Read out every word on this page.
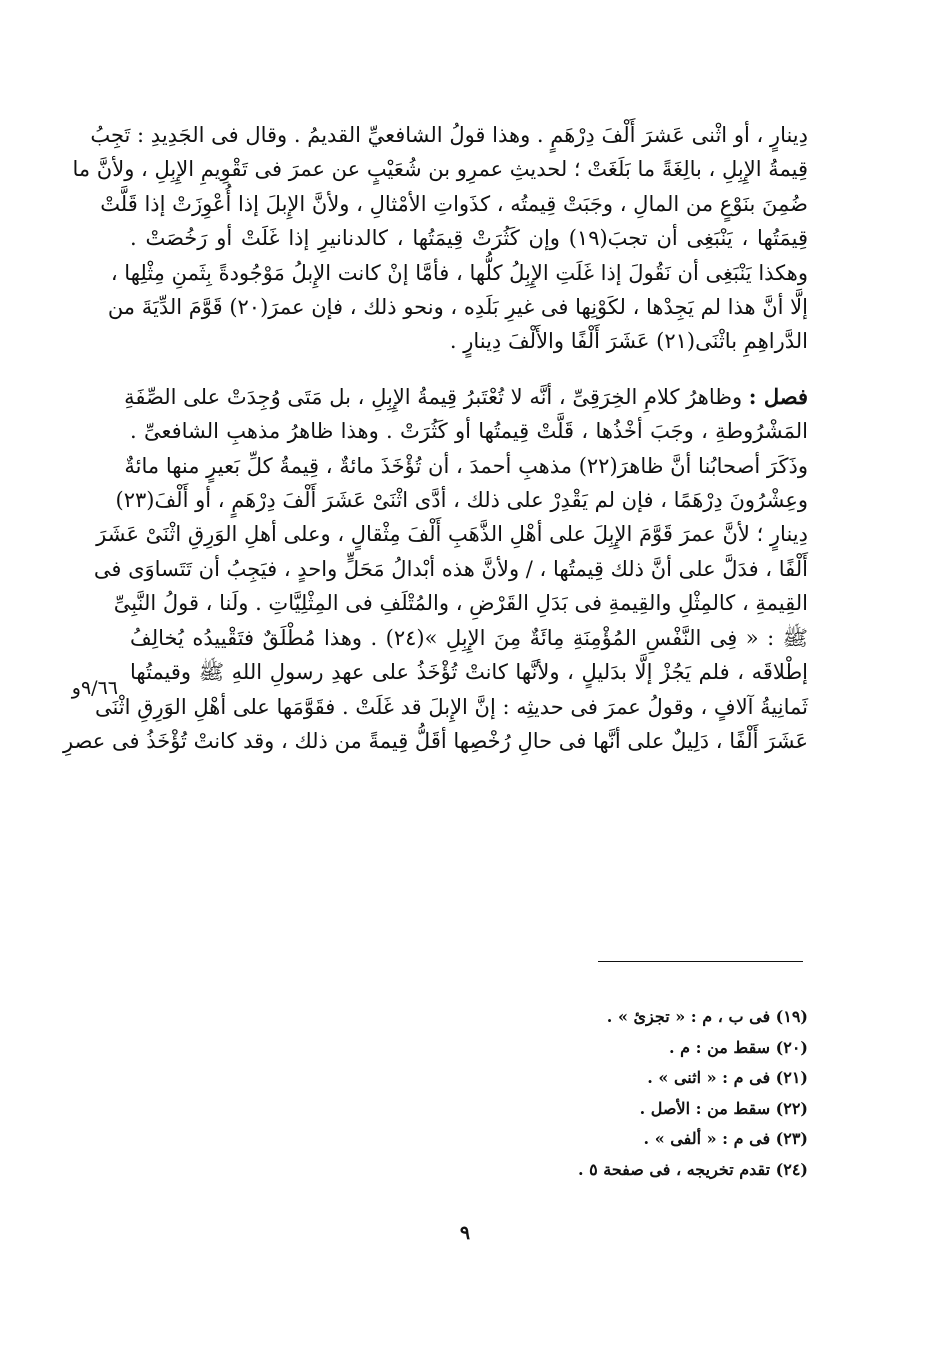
دِينارٍ ، أو اثْنى عَشرَ أَلْفَ دِرْهَمٍ . وهذا قولُ الشافعيِّ القديمُ . وقال فى الجَدِيدِ : تَجِبُ
قِيمةُ الإِبِلِ ، بالِغَةً ما بَلَغَتْ ؛ لحديثِ عمرِو بن شُعَيْبٍ عن عمرَ فى تَقْوِيمِ الإِبِلِ ، ولأنَّ ما
ضُمِنَ بنَوْعٍ من المالِ ، وجَبَتْ قِيمتُه ، كذَواتِ الأمْثالِ ، ولأنَّ الإِبلَ إذا أُعْوِزَتْ إذا قَلَّتْ
قِيمَتُها ، يَنْبَغِى أن تجبَ(١٩) وإن كَثُرَتْ قِيمَتُها ، كالدنانيرِ إذا غَلَتْ أو رَخُصَتْ .
وهكذا يَنْبَغِى أن نَقُولَ إذا غَلَتِ الإِبِلُ كلُّها ، فأمَّا إنْ كانت الإِبلُ مَوْجُودةً بِثَمنِ مِثْلِها ،
إلَّا أنَّ هذا لم يَجِدْها ، لكَوْنِها فى غيرِ بَلَدِه ، ونحو ذلك ، فإن عمرَ(٢٠) قَوَّمَ الدِّيَةَ من
الدَّراهِمِ باثْنَى(٢١) عَشَرَ أَلْفًا والأَلْفَ دِينارٍ .
فصل : وظاهرُ كلامِ الخِرَقِىِّ ، أنَّه لا تُعْتَبرُ قِيمةُ الإِبِلِ ، بل مَتَى وُجِدَتْ على الصِّفَةِ
المَشْرُوطةِ ، وجَبَ أخْذُها ، قَلَّتْ قِيمتُها أو كَثُرَتْ . وهذا ظاهرُ مذهبِ الشافعىِّ .
وذَكَرَ أصحابُنا أنَّ ظاهرَ(٢٢) مذهبِ أحمدَ ، أن تُؤْخَذَ مائةٌ ، قِيمةُ كلِّ بَعيرٍ منها مائةٌ
وعِشْرُونَ دِرْهَمًا ، فإن لم يَقْدِرْ على ذلك ، أدَّى اثْنَىْ عَشَرَ أَلْفَ دِرْهَمٍ ، أو أَلْفَ(٢٣)
دِينارٍ ؛ لأنَّ عمرَ قَوَّمَ الإِبِلَ على أهْلِ الذَّهَبِ أَلْفَ مِثْقالٍ ، وعلى أهلِ الوَرِقِ اثْنَىْ عَشَرَ
أَلْفًا ، فدَلَّ على أنَّ ذلك قِيمتُها ، / ولأنَّ هذه أبْدالُ مَحَلٍّ واحدٍ ، فيَجِبُ أن تَتَساوَى فى
القِيمةِ ، كالمِثْلِ والقِيمةِ فى بَدَلِ القَرْضِ ، والمُتْلَفِ فى المِثْلِيَّاتِ . ولَنا ، قولُ النَّبِىِّ
ﷺ : « فِى النَّفْسِ المُؤْمِنَةِ مِائَةٌ مِنَ الإِبِلِ »(٢٤) . وهذا مُطْلَقٌ فتَقْييدُه يُخالِفُ
إطْلاقَه ، فلم يَجُزْ إلَّا بدَليلٍ ، ولأنَّها كانتْ تُؤْخَذُ على عهدِ رسولِ اللهِ ﷺ وقيمتُها
ثَمانِيةُ آلافٍ ، وقولُ عمرَ فى حديثِه : إنَّ الإِبلَ قد غَلَتْ . فقَوَّمَها على أهْلِ الوَرِقِ اثْنَى
عَشَرَ أَلْفًا ، دَلِيلٌ على أنَّها فى حالِ رُخْصِها أقَلُّ قِيمةً من ذلك ، وقد كانتْ تُؤْخَذُ فى عصرِ
٩/٦٦و
(١٩) فى ب ، م : « تجزئ » .
(٢٠) سقط من : م .
(٢١) فى م : « اثنى » .
(٢٢) سقط من : الأصل .
(٢٣) فى م : « ألفى » .
(٢٤) تقدم تخريجه ، فى صفحة ٥ .
٩
